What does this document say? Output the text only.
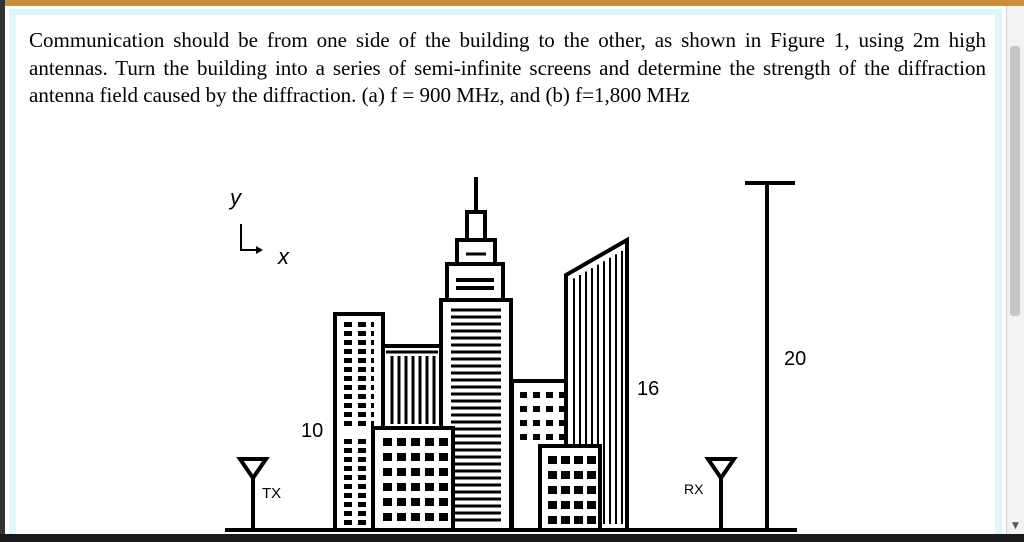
Communication should be from one side of the building to the other, as shown in Figure 1, using 2m high antennas. Turn the building into a series of semi-infinite screens and determine the strength of the diffraction antenna field caused by the diffraction. (a) f = 900 MHz, and (b) f=1,800 MHz

y
x
TX	RX
20
10
16
▼
